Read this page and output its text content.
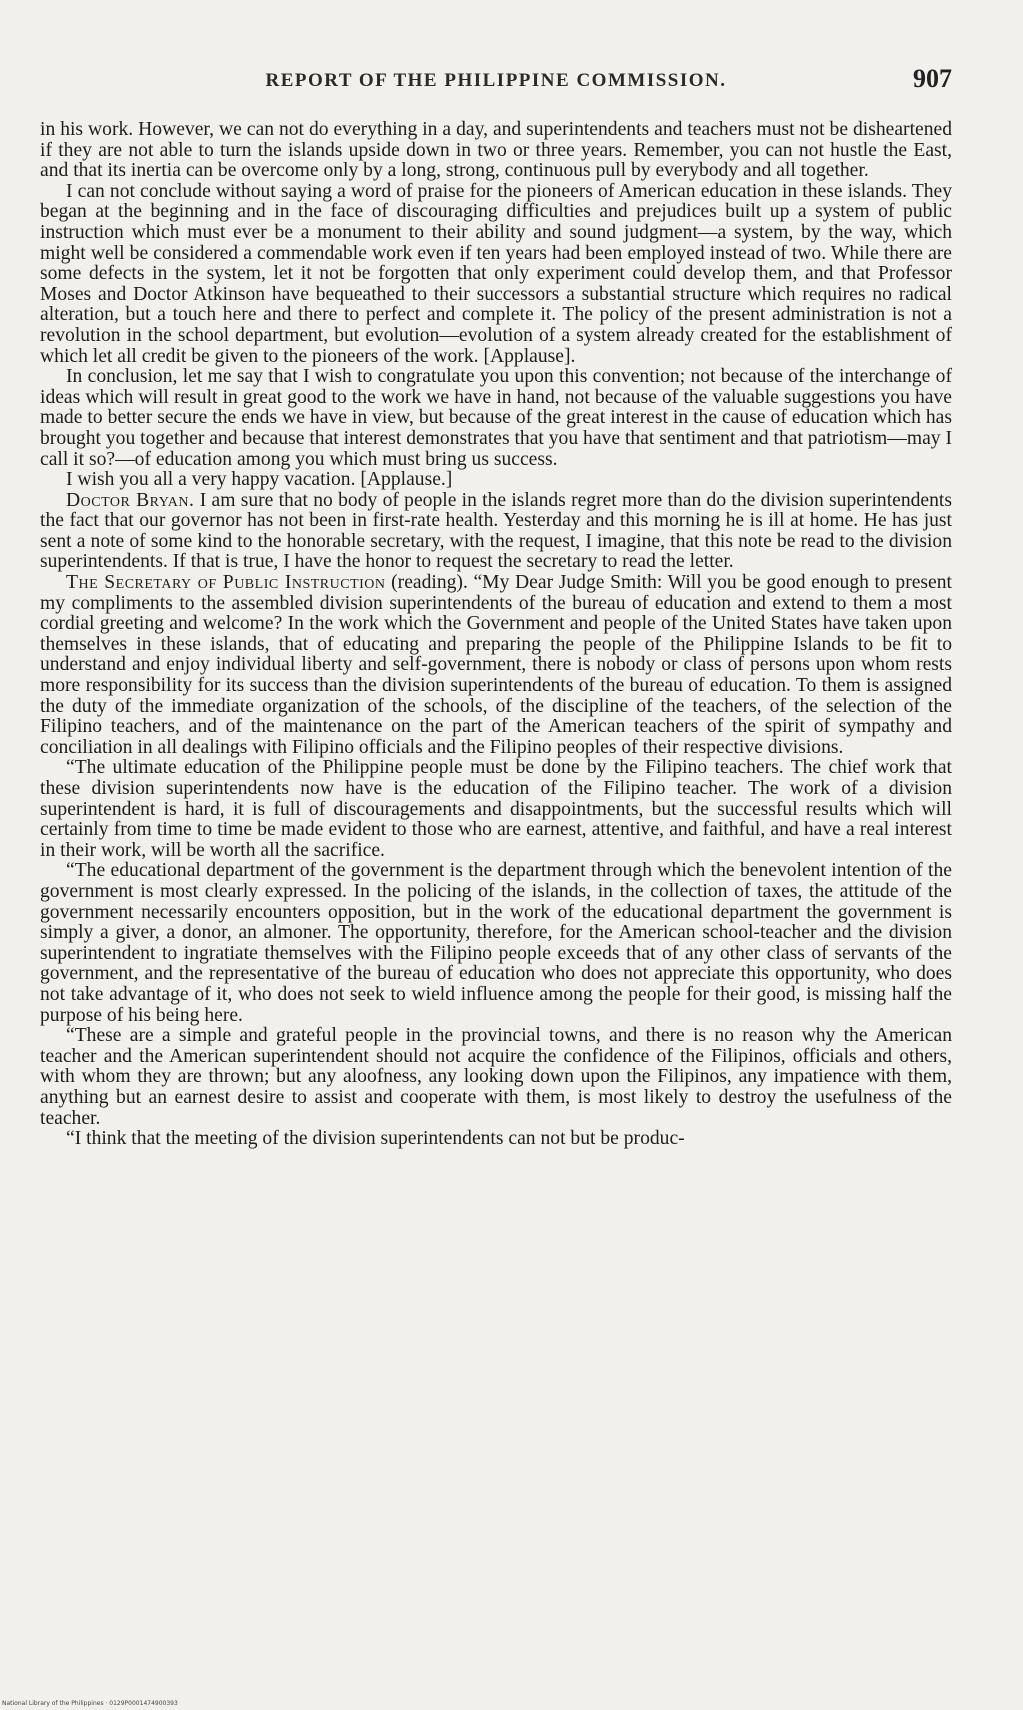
REPORT OF THE PHILIPPINE COMMISSION.	907

in his work. However, we can not do everything in a day, and superintendents and teachers must not be disheartened if they are not able to turn the islands upside down in two or three years. Remember, you can not hustle the East, and that its inertia can be overcome only by a long, strong, continuous pull by everybody and all together.

I can not conclude without saying a word of praise for the pioneers of American education in these islands. They began at the beginning and in the face of discouraging difficulties and prejudices built up a system of public instruction which must ever be a monument to their ability and sound judgment—a system, by the way, which might well be considered a commendable work even if ten years had been employed instead of two. While there are some defects in the system, let it not be forgotten that only experiment could develop them, and that Professor Moses and Doctor Atkinson have bequeathed to their successors a substantial structure which requires no radical alteration, but a touch here and there to perfect and complete it. The policy of the present administration is not a revolution in the school department, but evolution—evolution of a system already created for the establishment of which let all credit be given to the pioneers of the work. [Applause].

In conclusion, let me say that I wish to congratulate you upon this convention; not because of the interchange of ideas which will result in great good to the work we have in hand, not because of the valuable suggestions you have made to better secure the ends we have in view, but because of the great interest in the cause of education which has brought you together and because that interest demonstrates that you have that sentiment and that patriotism—may I call it so?—of education among you which must bring us success.

I wish you all a very happy vacation. [Applause.]

Doctor Bryan. I am sure that no body of people in the islands regret more than do the division superintendents the fact that our governor has not been in first-rate health. Yesterday and this morning he is ill at home. He has just sent a note of some kind to the honorable secretary, with the request, I imagine, that this note be read to the division superintendents. If that is true, I have the honor to request the secretary to read the letter.

The Secretary of Public Instruction (reading). “My Dear Judge Smith: Will you be good enough to present my compliments to the assembled division superintendents of the bureau of education and extend to them a most cordial greeting and welcome? In the work which the Government and people of the United States have taken upon themselves in these islands, that of educating and preparing the people of the Philippine Islands to be fit to understand and enjoy individual liberty and self-government, there is nobody or class of persons upon whom rests more responsibility for its success than the division superintendents of the bureau of education. To them is assigned the duty of the immediate organization of the schools, of the discipline of the teachers, of the selection of the Filipino teachers, and of the maintenance on the part of the American teachers of the spirit of sympathy and conciliation in all dealings with Filipino officials and the Filipino peoples of their respective divisions.

“The ultimate education of the Philippine people must be done by the Filipino teachers. The chief work that these division superintendents now have is the education of the Filipino teacher. The work of a division superintendent is hard, it is full of discouragements and disappointments, but the successful results which will certainly from time to time be made evident to those who are earnest, attentive, and faithful, and have a real interest in their work, will be worth all the sacrifice.

“The educational department of the government is the department through which the benevolent intention of the government is most clearly expressed. In the policing of the islands, in the collection of taxes, the attitude of the government necessarily encounters opposition, but in the work of the educational department the government is simply a giver, a donor, an almoner. The opportunity, therefore, for the American school-teacher and the division superintendent to ingratiate themselves with the Filipino people exceeds that of any other class of servants of the government, and the representative of the bureau of education who does not appreciate this opportunity, who does not take advantage of it, who does not seek to wield influence among the people for their good, is missing half the purpose of his being here.

“These are a simple and grateful people in the provincial towns, and there is no reason why the American teacher and the American superintendent should not acquire the confidence of the Filipinos, officials and others, with whom they are thrown; but any aloofness, any looking down upon the Filipinos, any impatience with them, anything but an earnest desire to assist and cooperate with them, is most likely to destroy the usefulness of the teacher.

“I think that the meeting of the division superintendents can not but be produc-

National Library of the Philippines · 0129P0001474900393
